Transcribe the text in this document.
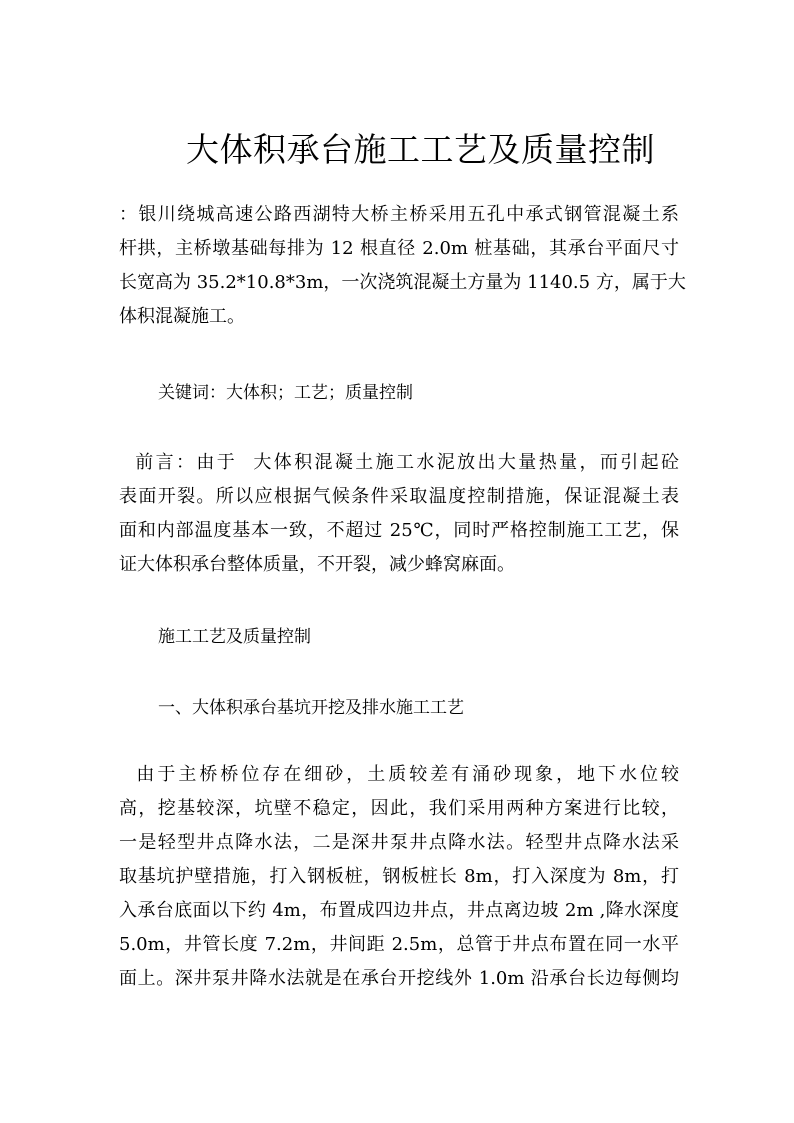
大体积承台施工工艺及质量控制
：银川绕城高速公路西湖特大桥主桥采用五孔中承式钢管混凝土系
杆拱，主桥墩基础每排为 12 根直径 2.0m 桩基础，其承台平面尺寸
长宽高为 35.2*10.8*3m，一次浇筑混凝土方量为 1140.5 方，属于大
体积混凝施工。
关键词：大体积；工艺；质量控制
前言：由于  大体积混凝土施工水泥放出大量热量，而引起砼
表面开裂。所以应根据气候条件采取温度控制措施，保证混凝土表
面和内部温度基本一致，不超过 25℃，同时严格控制施工工艺，保
证大体积承台整体质量，不开裂，减少蜂窝麻面。
施工工艺及质量控制
一、大体积承台基坑开挖及排水施工工艺
由于主桥桥位存在细砂，土质较差有涌砂现象，地下水位较
高，挖基较深，坑壁不稳定，因此，我们采用两种方案进行比较，
一是轻型井点降水法，二是深井泵井点降水法。轻型井点降水法采
取基坑护壁措施，打入钢板桩，钢板桩长 8m，打入深度为 8m，打
入承台底面以下约 4m，布置成四边井点，井点离边坡 2m ,降水深度
5.0m，井管长度 7.2m，井间距 2.5m，总管于井点布置在同一水平
面上。深井泵井降水法就是在承台开挖线外 1.0m 沿承台长边每侧均
